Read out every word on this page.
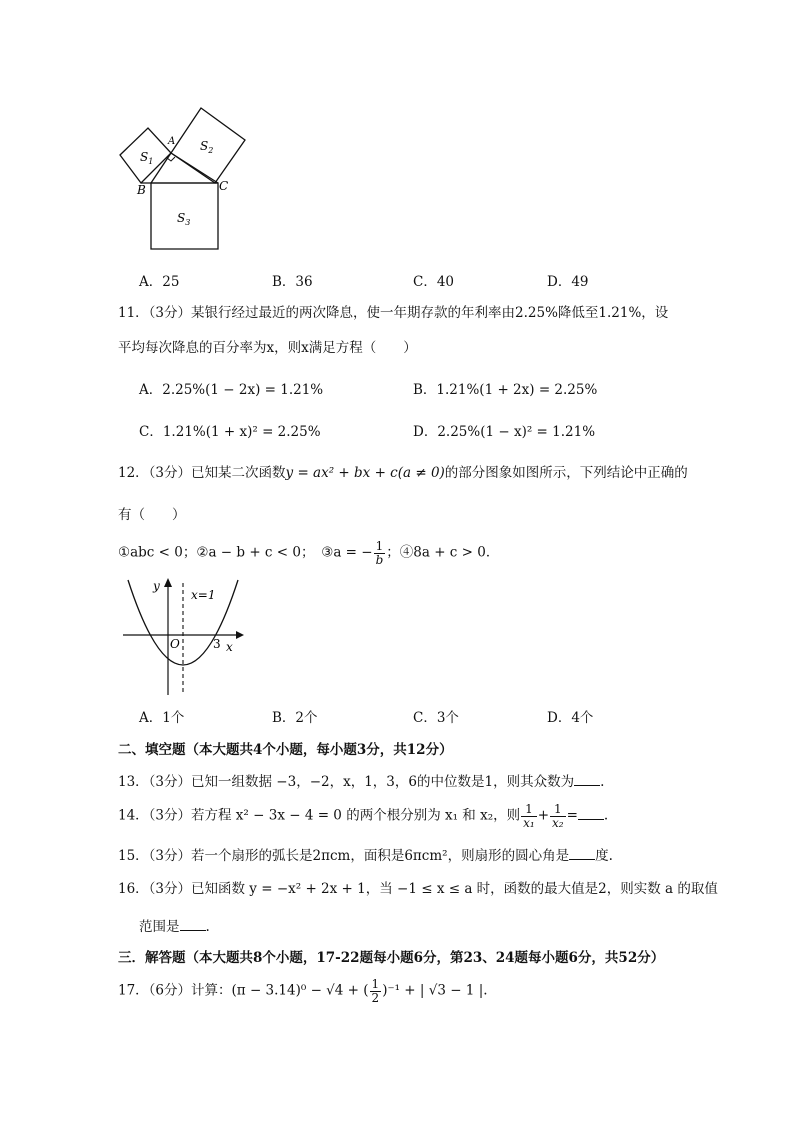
A
B	C
$S_1$
$S_2$
$S_3$
A．25	B．36	C．40	D．49
11．（3分）某银行经过最近的两次降息，使一年期存款的年利率由2.25%降低至1.21%，设
平均每次降息的百分率为x，则x满足方程（　　）
A．2.25%(1 − 2x) = 1.21%	B．1.21%(1 + 2x) = 2.25%
C．1.21%(1 + x)² = 2.25%	D．2.25%(1 − x)² = 1.21%
12．（3分）已知某二次函数y = ax² + bx + c(a ≠ 0)的部分图象如图所示，下列结论中正确的
有（　　）
①abc < 0；②a − b + c < 0；　③a = − $\frac{1}{b}$ ；④8a + c > 0．
y
x
O	3
x=1
A．1个	B．2个	C．3个	D．4个
二、填空题（本大题共4个小题，每小题3分，共12分）
13．（3分）已知一组数据 −3，−2，x，1，3，6的中位数是1，则其众数为 .
14．（3分）若方程 x² − 3x − 4 = 0 的两个根分别为 x₁ 和 x₂，则 $\frac{1}{\text{x₁}} + \frac{1}{\text{x₂}}$ = .
15．（3分）若一个扇形的弧长是2πcm，面积是6πcm²，则扇形的圆心角是 度.
16．（3分）已知函数 y = −x² + 2x + 1，当 −1 ≤ x ≤ a 时，函数的最大值是2，则实数 a 的取值
范围是 .
三．解答题（本大题共8个小题，17-22题每小题6分，第23、24题每小题6分，共52分）
17．（6分）计算：(π − 3.14)⁰ − √4 + ( $\frac{1}{2} )^{-1}$ + | √3 − 1 |.
